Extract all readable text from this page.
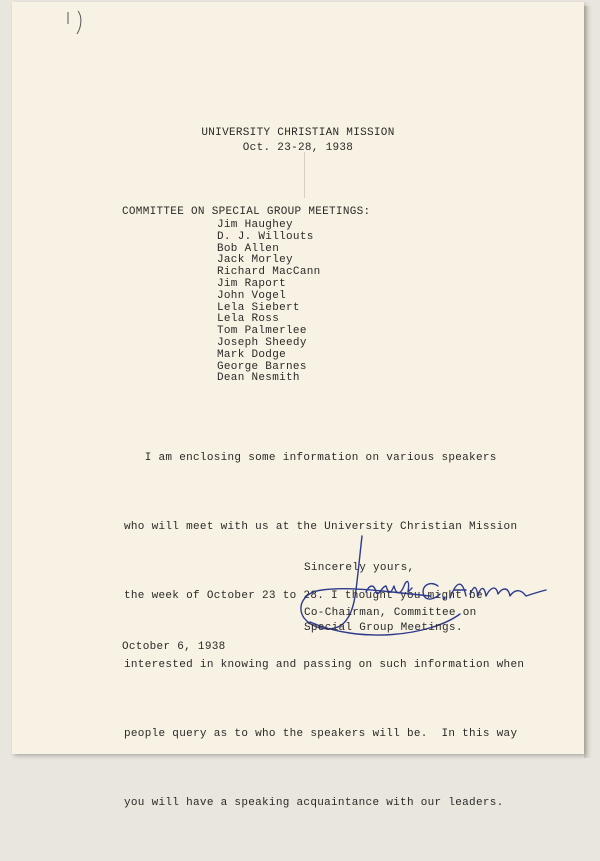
UNIVERSITY CHRISTIAN MISSION
Oct. 23-28, 1938
COMMITTEE ON SPECIAL GROUP MEETINGS:
Jim Haughey
D. J. Willouts
Bob Allen
Jack Morley
Richard MacCann
Jim Raport
John Vogel
Lela Siebert
Lela Ross
Tom Palmerlee
Joseph Sheedy
Mark Dodge
George Barnes
Dean Nesmith

I am enclosing some information on various speakers

who will meet with us at the University Christian Mission

the week of October 23 to 28. I thought you might be

interested in knowing and passing on such information when

people query as to who the speakers will be.  In this way

you will have a speaking acquaintance with our leaders.

Sincerely yours,
Co-Chairman, Committee on
Special Group Meetings.
October 6, 1938
